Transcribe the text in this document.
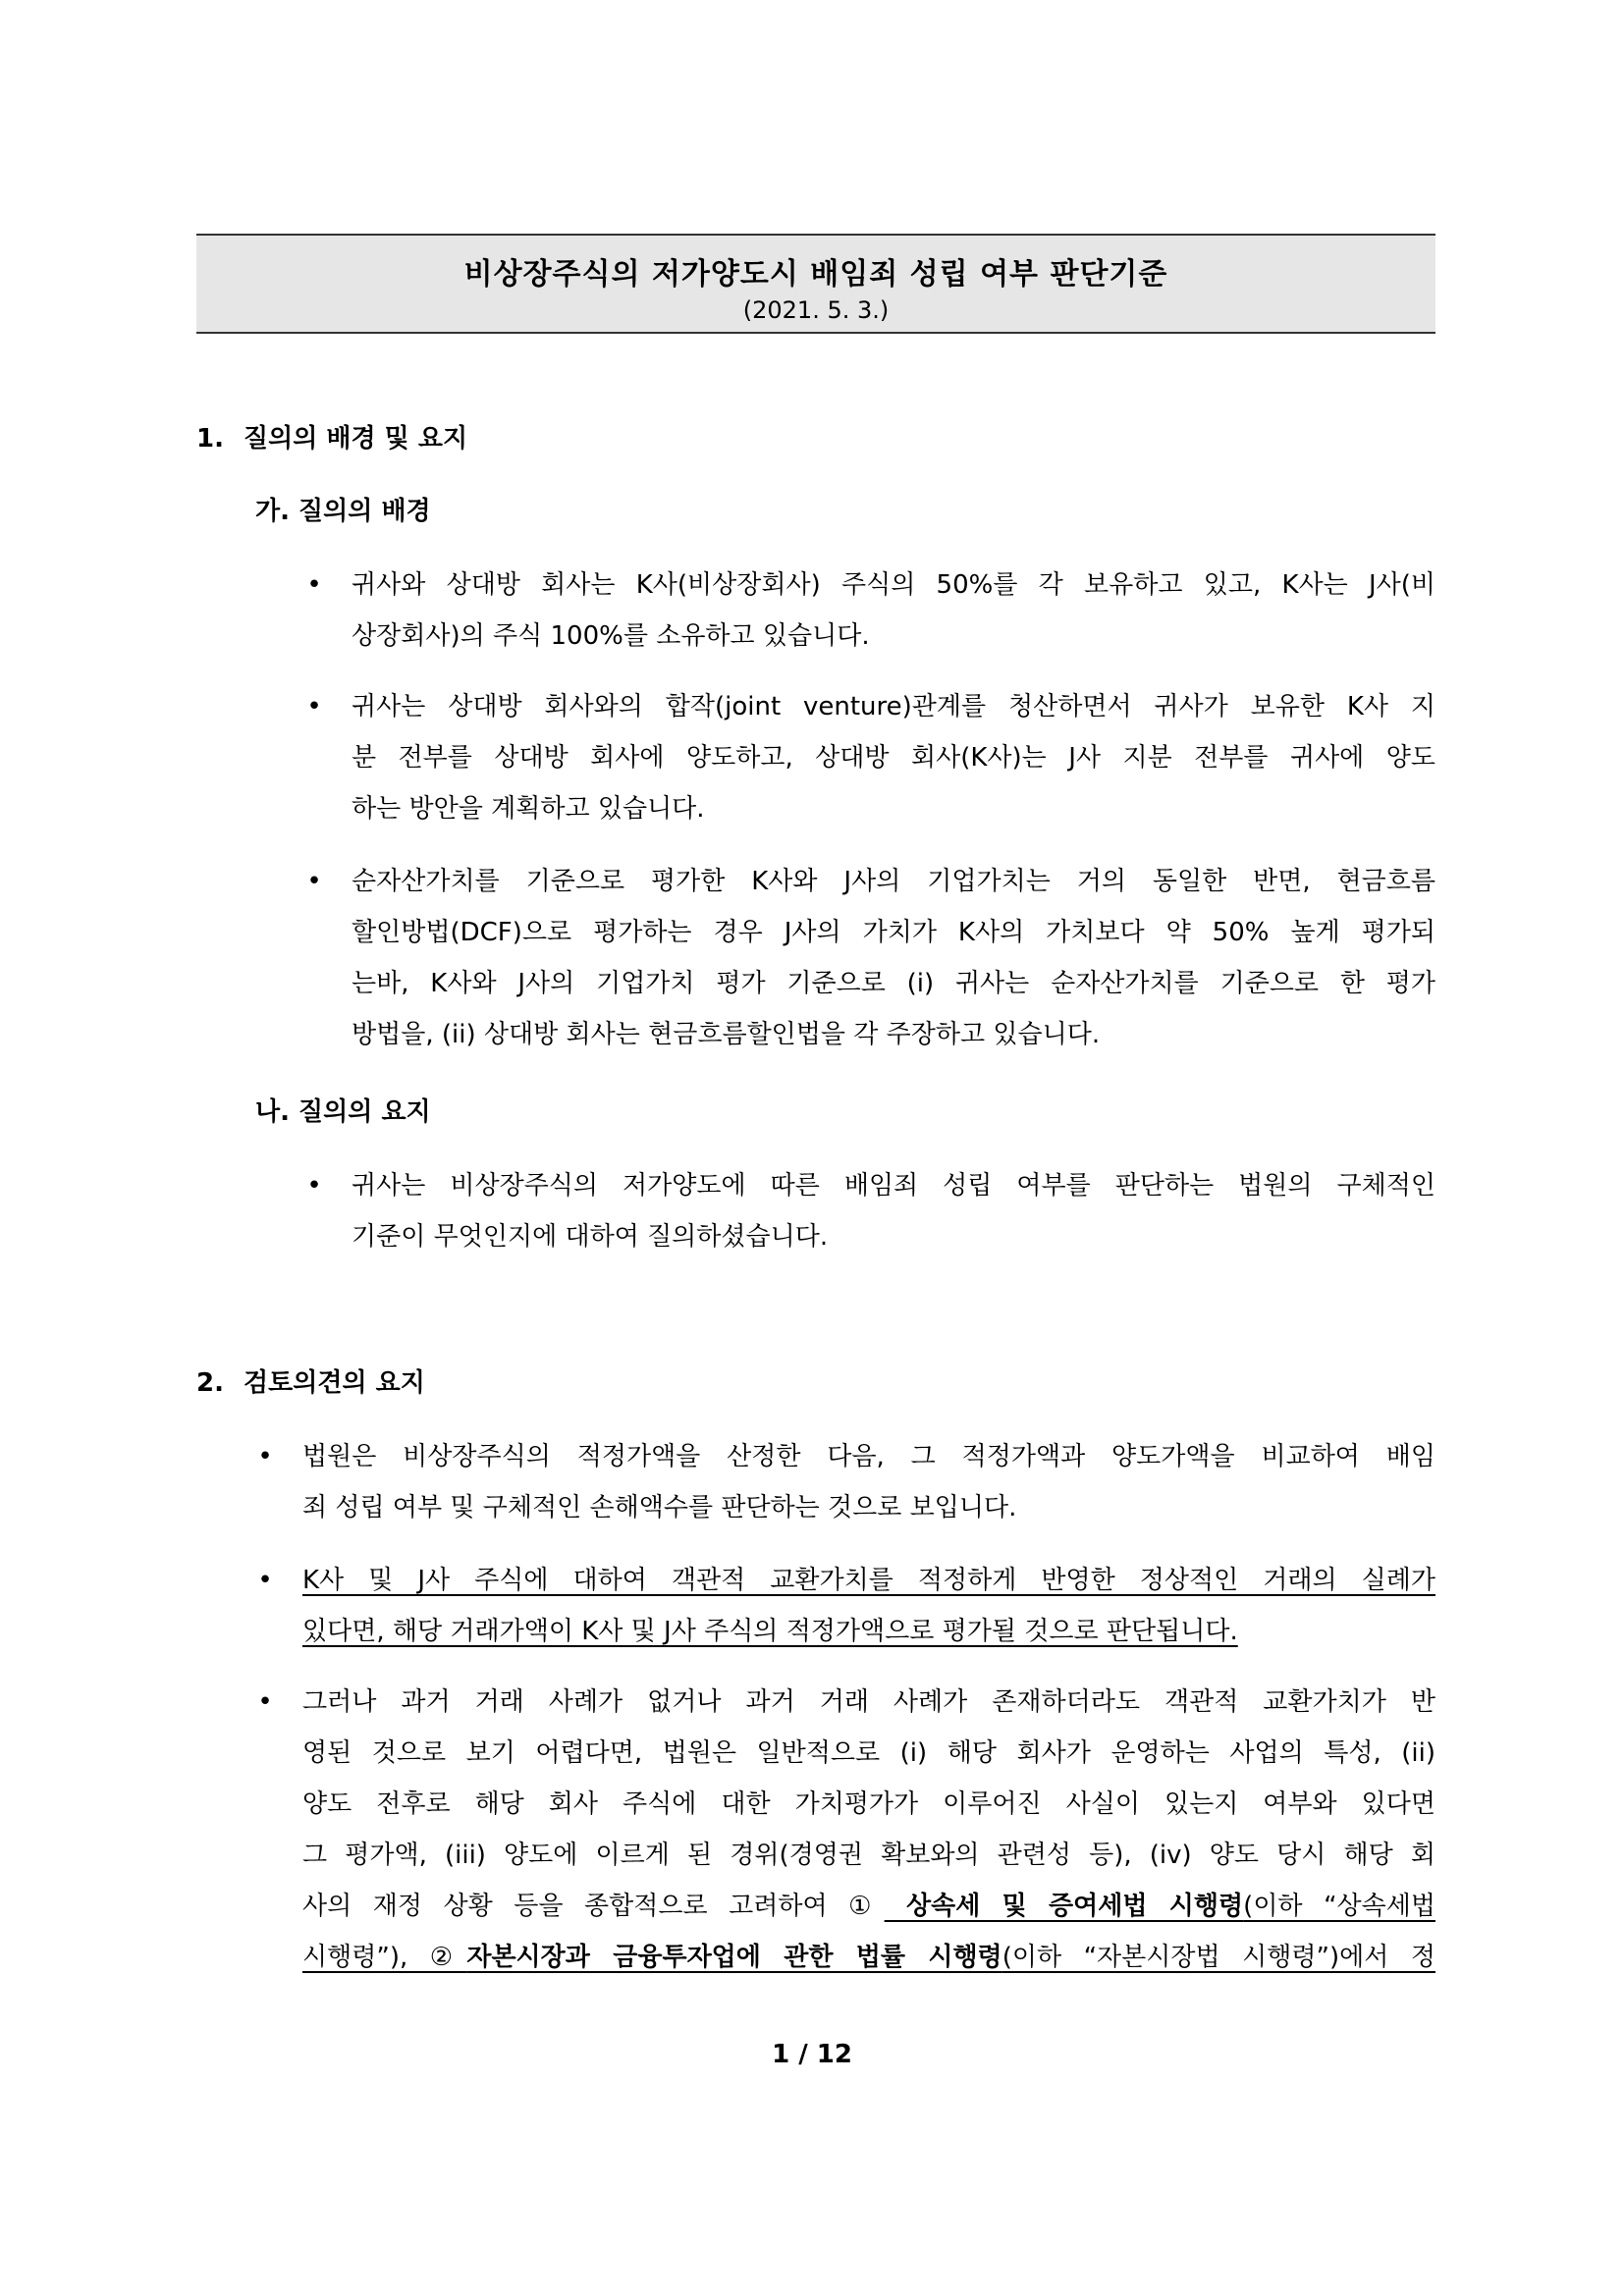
비상장주식의 저가양도시 배임죄 성립 여부 판단기준
(2021. 5. 3.)
1. 질의의 배경 및 요지
가. 질의의 배경
• 귀사와 상대방 회사는 K사(비상장회사) 주식의 50%를 각 보유하고 있고, K사는 J사(비
상장회사)의 주식 100%를 소유하고 있습니다.
• 귀사는 상대방 회사와의 합작(joint venture)관계를 청산하면서 귀사가 보유한 K사 지
분 전부를 상대방 회사에 양도하고, 상대방 회사(K사)는 J사 지분 전부를 귀사에 양도
하는 방안을 계획하고 있습니다.
• 순자산가치를 기준으로 평가한 K사와 J사의 기업가치는 거의 동일한 반면, 현금흐름
할인방법(DCF)으로 평가하는 경우 J사의 가치가 K사의 가치보다 약 50% 높게 평가되
는바, K사와 J사의 기업가치 평가 기준으로 (i) 귀사는 순자산가치를 기준으로 한 평가
방법을, (ii) 상대방 회사는 현금흐름할인법을 각 주장하고 있습니다.
나. 질의의 요지
• 귀사는 비상장주식의 저가양도에 따른 배임죄 성립 여부를 판단하는 법원의 구체적인
기준이 무엇인지에 대하여 질의하셨습니다.
2. 검토의견의 요지
• 법원은 비상장주식의 적정가액을 산정한 다음, 그 적정가액과 양도가액을 비교하여 배임
죄 성립 여부 및 구체적인 손해액수를 판단하는 것으로 보입니다.
• K사 및 J사 주식에 대하여 객관적 교환가치를 적정하게 반영한 정상적인 거래의 실례가
있다면, 해당 거래가액이 K사 및 J사 주식의 적정가액으로 평가될 것으로 판단됩니다.
• 그러나 과거 거래 사례가 없거나 과거 거래 사례가 존재하더라도 객관적 교환가치가 반
영된 것으로 보기 어렵다면, 법원은 일반적으로 (i) 해당 회사가 운영하는 사업의 특성, (ii)
양도 전후로 해당 회사 주식에 대한 가치평가가 이루어진 사실이 있는지 여부와 있다면
그 평가액, (iii) 양도에 이르게 된 경위(경영권 확보와의 관련성 등), (iv) 양도 당시 해당 회
사의 재정 상황 등을 종합적으로 고려하여 ① 상속세 및 증여세법 시행령(이하 “상속세법
시행령”), ②자본시장과 금융투자업에 관한 법률 시행령(이하 “자본시장법 시행령”)에서 정
1 / 12
